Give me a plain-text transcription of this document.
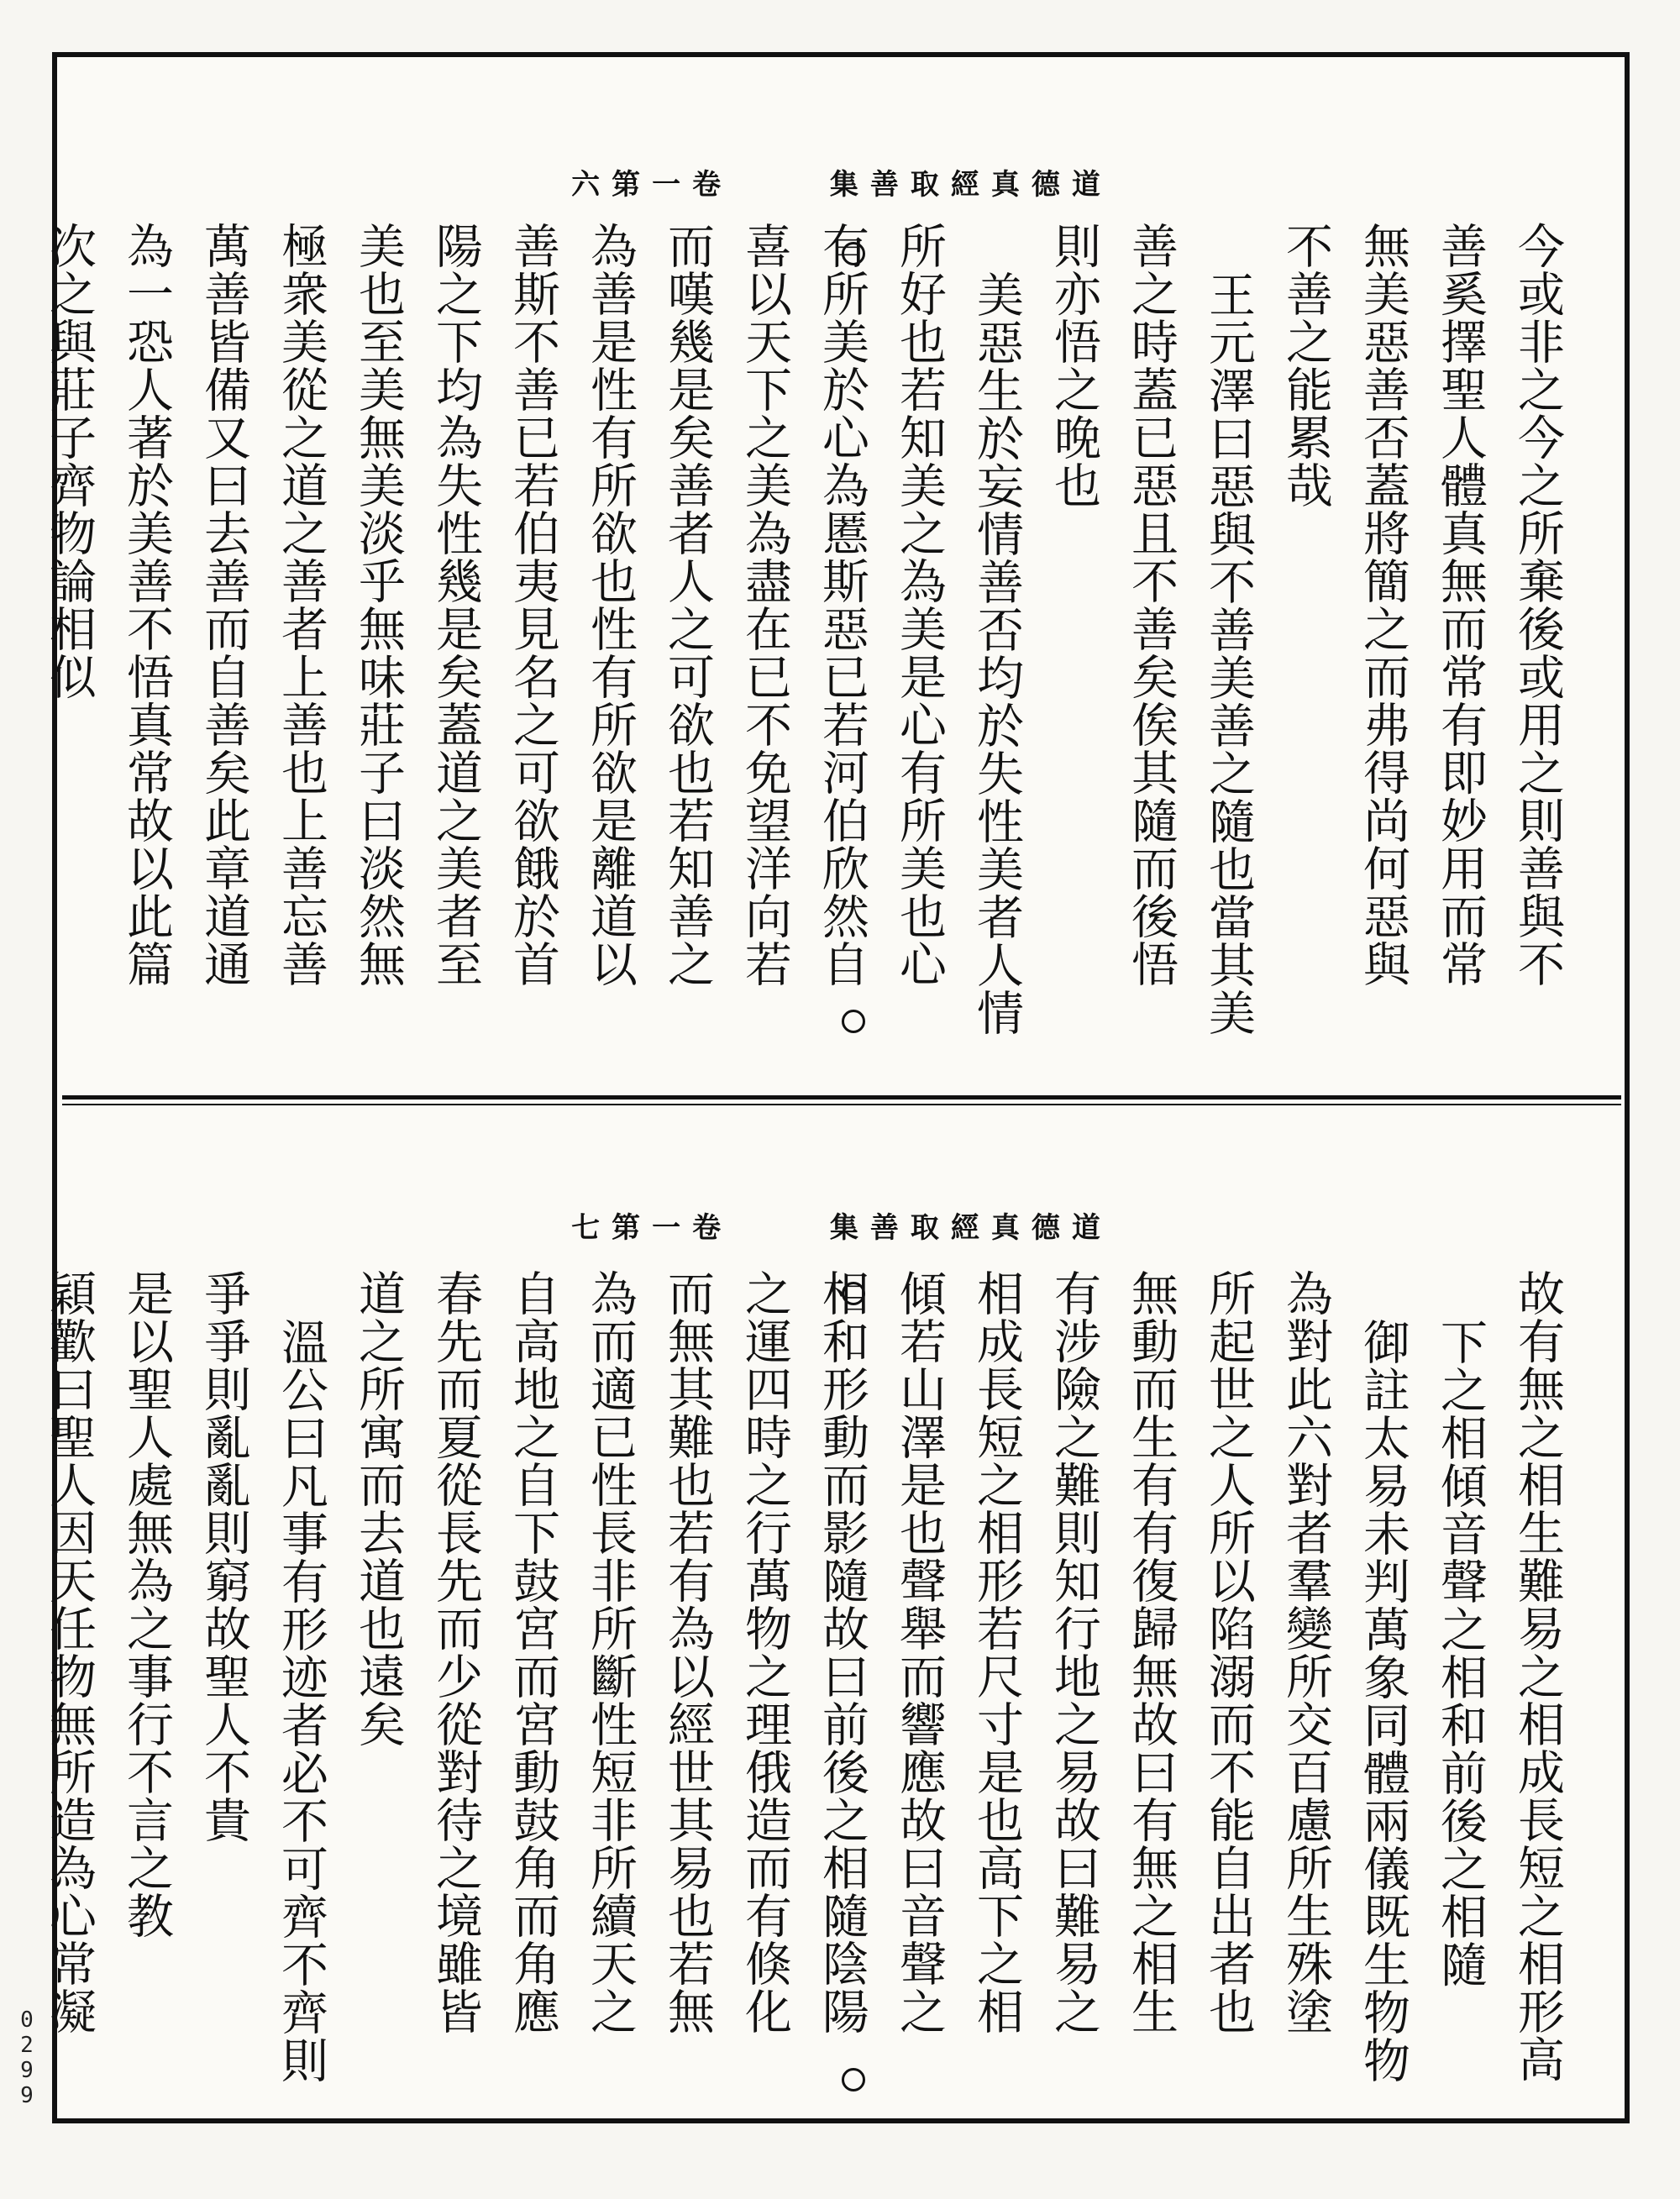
六第一卷	集善取經真德道
今或非之今之所棄後或用之則善與不
善奚擇聖人體真無而常有即妙用而常
無美惡善否蓋將簡之而弗得尚何惡與
不善之能累哉
王元澤曰惡與不善美善之隨也當其美
善之時蓋已惡且不善矣俟其隨而後悟
則亦悟之晚也
美惡生於妄情善否均於失性美者人情
所好也若知美之為美是心有所美也心
有所美於心為慝斯惡已若河伯欣然自
喜以天下之美為盡在已不免望洋向若
而嘆幾是矣善者人之可欲也若知善之
為善是性有所欲也性有所欲是離道以
善斯不善已若伯夷見名之可欲餓於首
陽之下均為失性幾是矣蓋道之美者至
美也至美無美淡乎無味莊子曰淡然無
極衆美從之道之善者上善也上善忘善
萬善皆備又曰去善而自善矣此章道通
為一恐人著於美善不悟真常故以此篇
次之與莊子齊物論相似
七第一卷	集善取經真德道
故有無之相生難易之相成長短之相形高
下之相傾音聲之相和前後之相隨
御註太易未判萬象同體兩儀既生物物
為對此六對者羣變所交百慮所生殊塗
所起世之人所以陷溺而不能自出者也
無動而生有有復歸無故曰有無之相生
有涉險之難則知行地之易故曰難易之
相成長短之相形若尺寸是也高下之相
傾若山澤是也聲舉而響應故曰音聲之
相和形動而影隨故曰前後之相隨陰陽
之運四時之行萬物之理俄造而有倏化
而無其難也若有為以經世其易也若無
為而適已性長非所斷性短非所續天之
自高地之自下鼓宮而宮動鼓角而角應
春先而夏從長先而少從對待之境雖皆
道之所寓而去道也遠矣
溫公曰凡事有形迹者必不可齊不齊則
爭爭則亂亂則窮故聖人不貴
是以聖人處無為之事行不言之教
穎歡曰聖人因天任物無所造為心常凝
0
2
9
9
